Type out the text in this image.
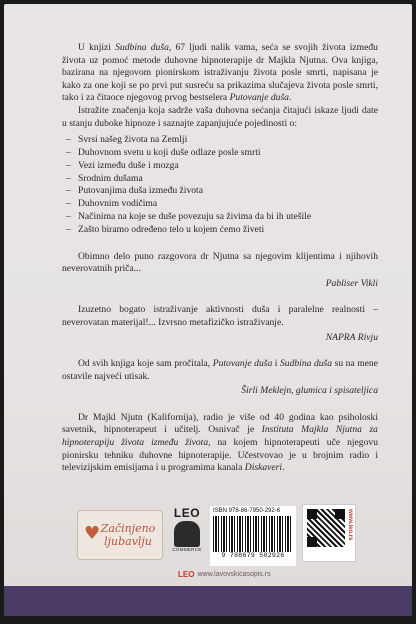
U knjizi Sudbina duša, 67 ljudi nalik vama, seća se svojih života između života uz pomoć metode duhovne hipnoterapije dr Majkla Njutna. Ova knjiga, bazirana na njegovom pionirskom istraživanju života posle smrti, napisana je kako za one koji se po prvi put susreću sa prikazima slučajeva života posle smrti, tako i za čitaoce njegovog prvog bestselera Putovanje duša.

Istražite značenja koja sadrže vaša duhovna sećanja čitajući iskaze ljudi date u stanju duboke hipnoze i saznajte zapanjujuće pojedinosti o:

– Svrsi našeg života na Zemlji
– Duhovnom svetu u koji duše odlaze posle smrti
– Vezi između duše i mozga
– Srodnim dušama
– Putovanjima duša između života
– Duhovnim vodičima
– Načinima na koje se duše povezuju sa živima da bi ih utešile
– Zašto biramo određeno telo u kojem ćemo živeti

Obimno delo puno razgovora dr Njutna sa njegovim klijentima i njihovih neverovatnih priča...

Pabliser Vikli

Izuzetno bogato istraživanje aktivnosti duša i paralelne realnosti – neverovatan materijal!... Izvrsno metafizičko istraživanje.

NAPRA Rivju

Od svih knjiga koje sam pročitala, Putovanje duša i Sudbina duša su na mene ostavile najveći utisak.

Širli Meklejn, glumica i spisateljica

Dr Majkl Njutn (Kalifornija), radio je više od 40 godina kao psiholoski savetnik, hipnoterapeut i učitelj. Osnivač je Instituta Majkla Njutna za hipnoterapiju života između života, na kojem hipnoterapeuti uče njegovu pionirsku tehniku duhovne hipnoterapije. Učestvovao je u brojnim radio i televizijskim emisijama i u programima kanala Diskaveri.

♥ Začinjeno
ljubavlju
LEO
COMMERCE
ISBN 978-86-7950-292-6
9 788679 502926
www.leo.rs
LEO www.lavovskicasopis.rs
